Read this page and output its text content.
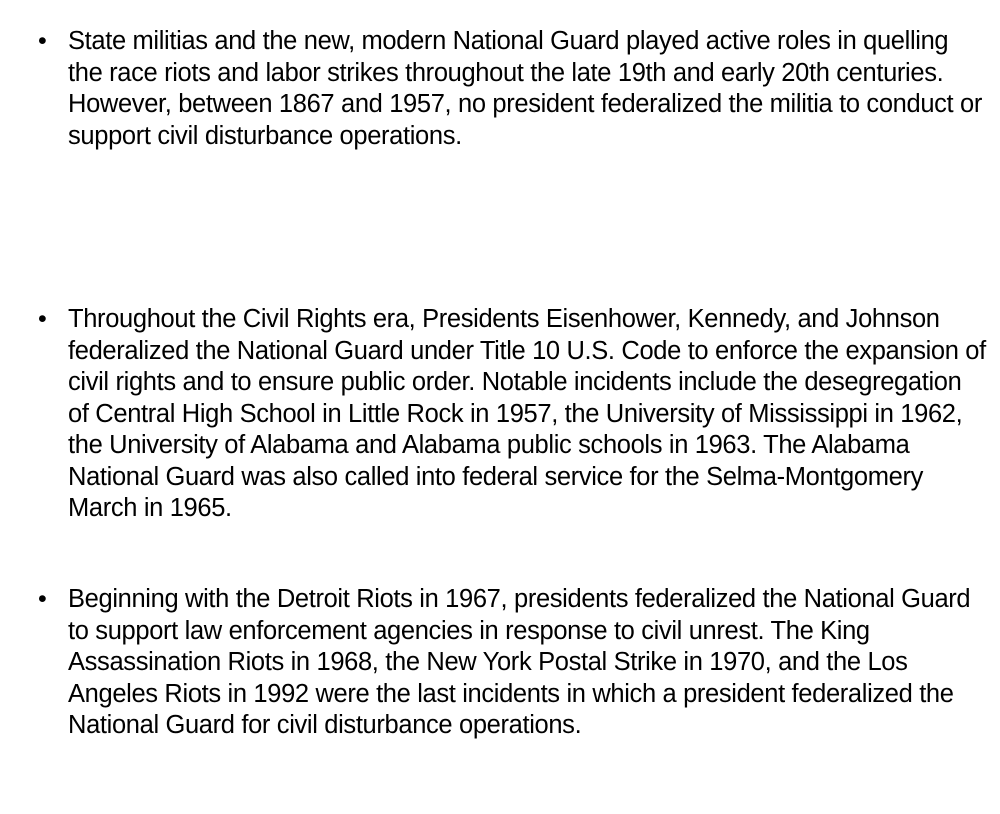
• State militias and the new, modern National Guard played active roles in quelling the race riots and labor strikes throughout the late 19th and early 20th centuries. However, between 1867 and 1957, no president federalized the militia to conduct or support civil disturbance operations.

• Throughout the Civil Rights era, Presidents Eisenhower, Kennedy, and Johnson federalized the National Guard under Title 10 U.S. Code to enforce the expansion of civil rights and to ensure public order. Notable incidents include the desegregation of Central High School in Little Rock in 1957, the University of Mississippi in 1962, the University of Alabama and Alabama public schools in 1963. The Alabama National Guard was also called into federal service for the Selma-Montgomery March in 1965.

• Beginning with the Detroit Riots in 1967, presidents federalized the National Guard to support law enforcement agencies in response to civil unrest. The King Assassination Riots in 1968, the New York Postal Strike in 1970, and the Los Angeles Riots in 1992 were the last incidents in which a president federalized the National Guard for civil disturbance operations.
